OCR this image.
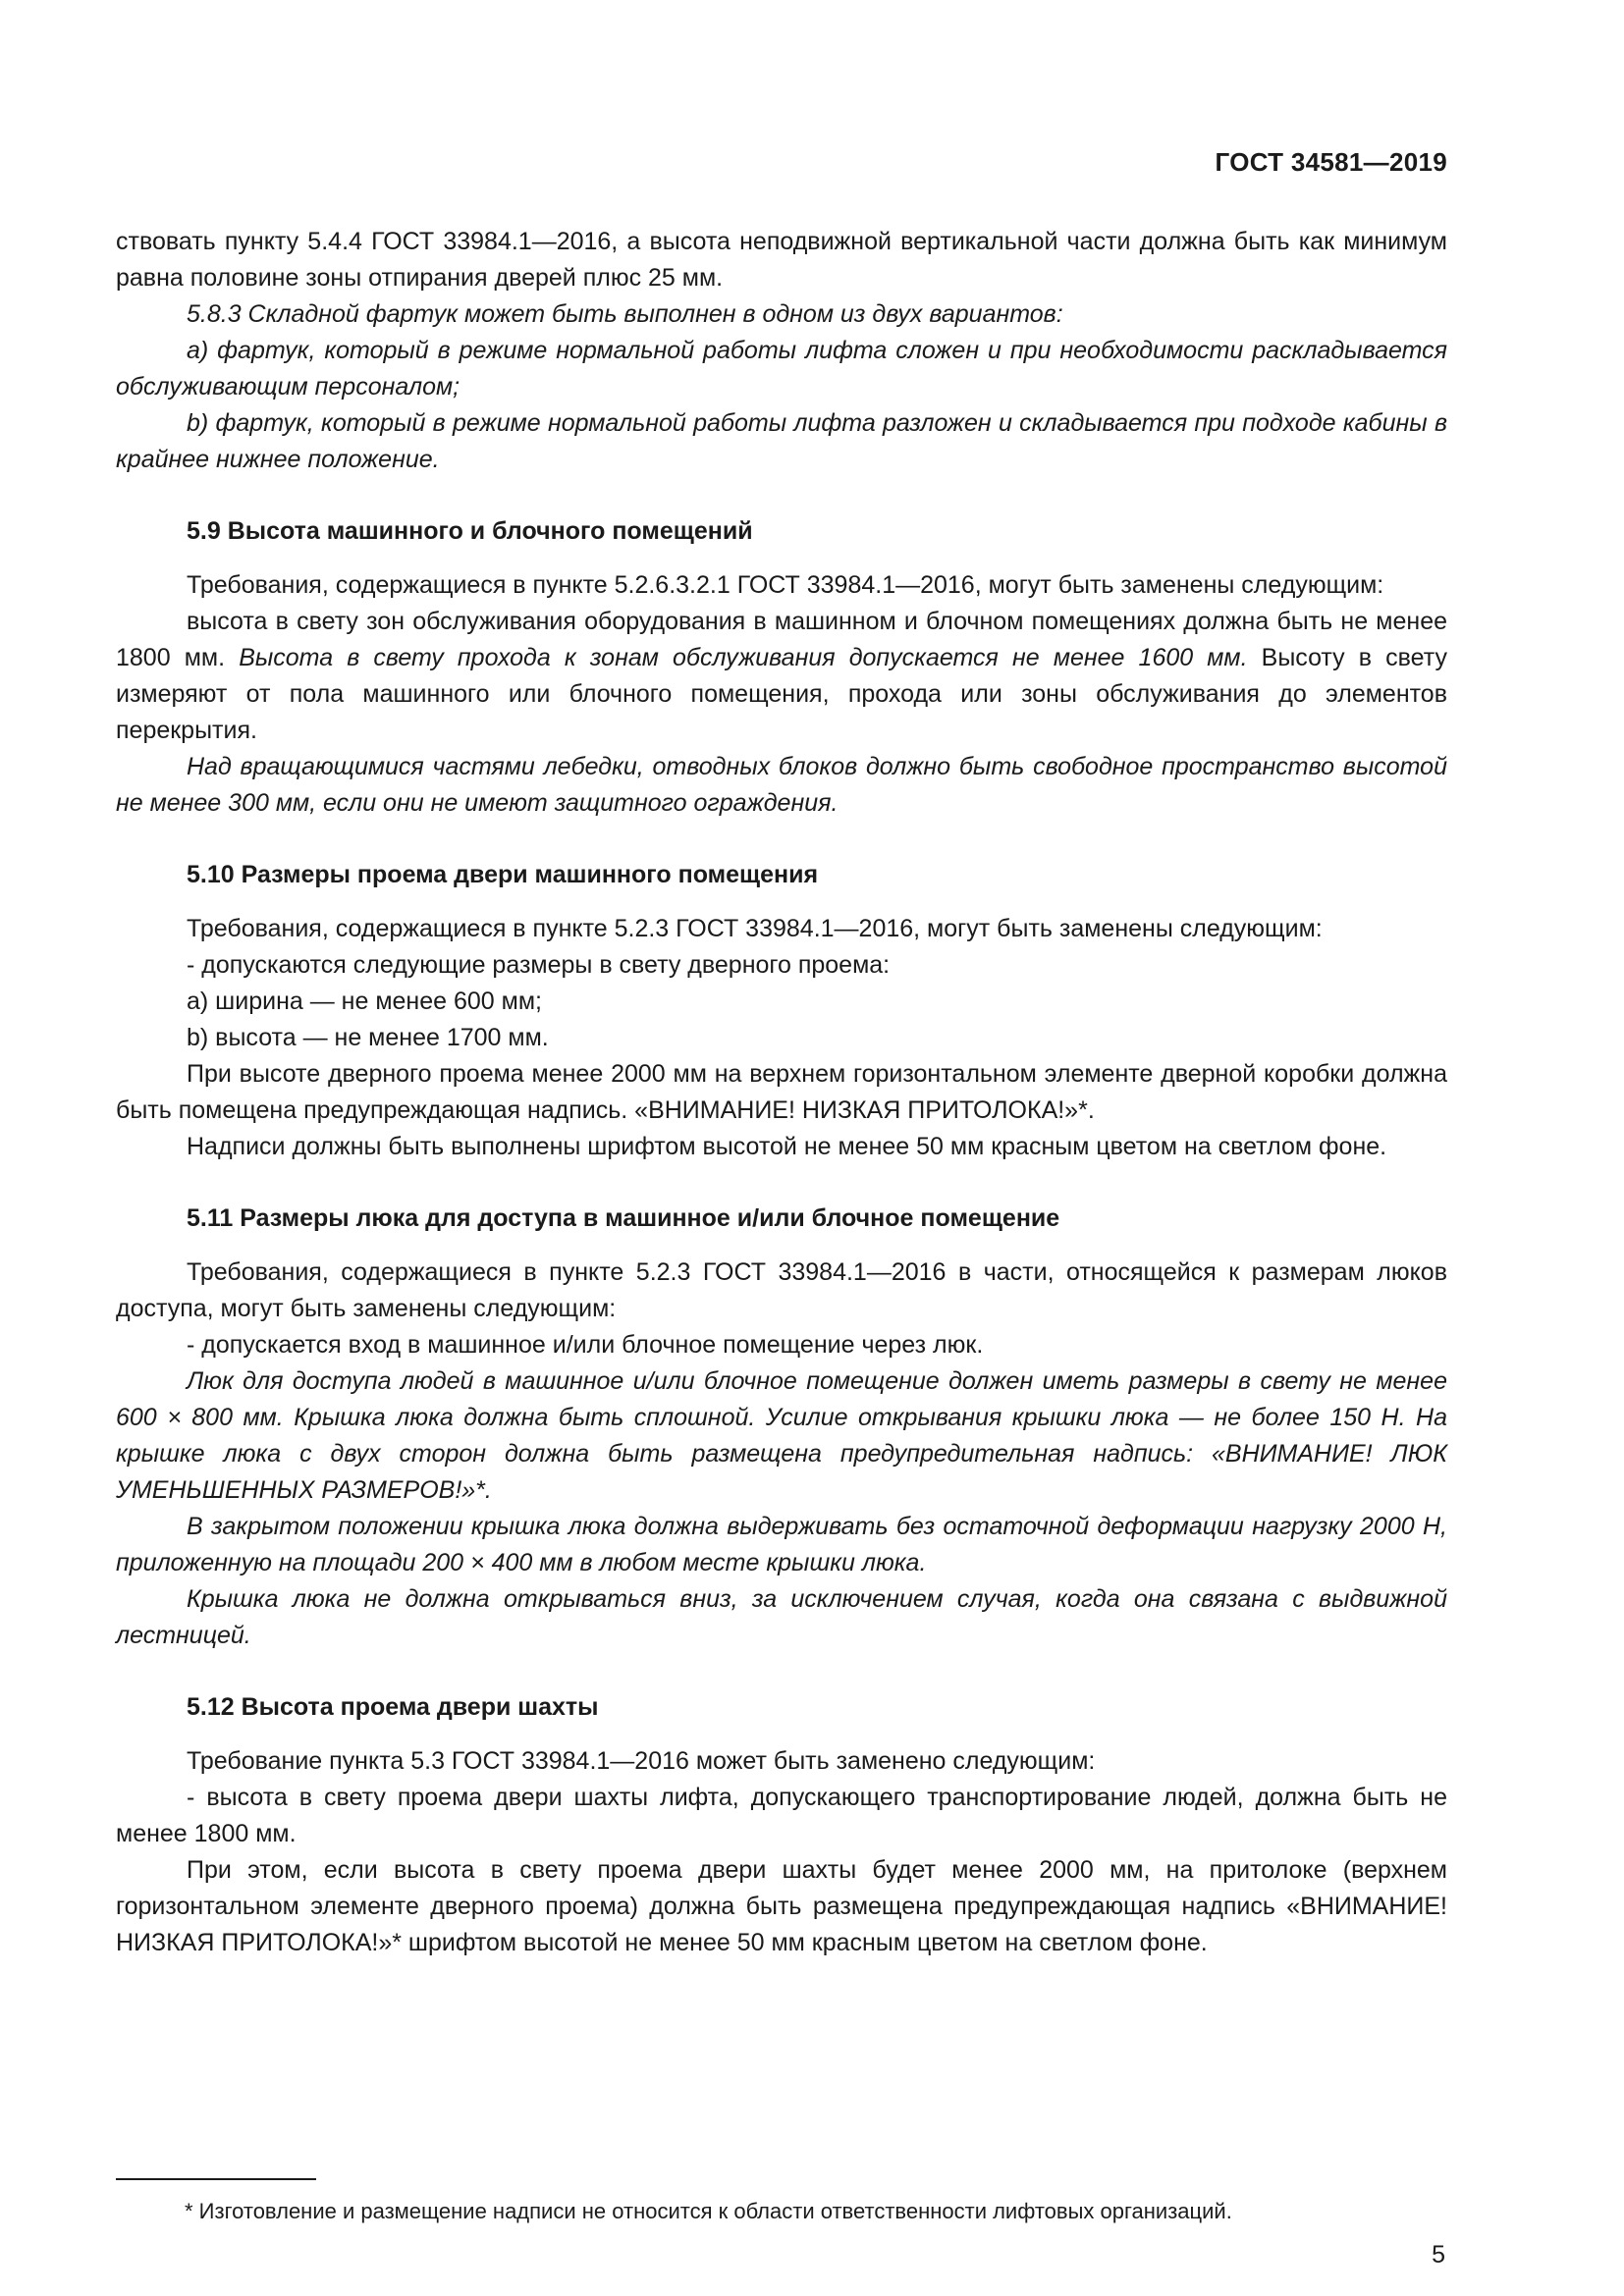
ГОСТ 34581—2019

ствовать пункту 5.4.4 ГОСТ 33984.1—2016, а высота неподвижной вертикальной части должна быть как минимум равна половине зоны отпирания дверей плюс 25 мм.

5.8.3 Складной фартук может быть выполнен в одном из двух вариантов:

а) фартук, который в режиме нормальной работы лифта сложен и при необходимости раскладывается обслуживающим персоналом;

b) фартук, который в режиме нормальной работы лифта разложен и складывается при подходе кабины в крайнее нижнее положение.

5.9 Высота машинного и блочного помещений

Требования, содержащиеся в пункте 5.2.6.3.2.1 ГОСТ 33984.1—2016, могут быть заменены следующим:

высота в свету зон обслуживания оборудования в машинном и блочном помещениях должна быть не менее 1800 мм. Высота в свету прохода к зонам обслуживания допускается не менее 1600 мм. Высоту в свету измеряют от пола машинного или блочного помещения, прохода или зоны обслуживания до элементов перекрытия.

Над вращающимися частями лебедки, отводных блоков должно быть свободное пространство высотой не менее 300 мм, если они не имеют защитного ограждения.

5.10 Размеры проема двери машинного помещения

Требования, содержащиеся в пункте 5.2.3 ГОСТ 33984.1—2016, могут быть заменены следующим:

- допускаются следующие размеры в свету дверного проема:

а) ширина — не менее 600 мм;

b) высота — не менее 1700 мм.

При высоте дверного проема менее 2000 мм на верхнем горизонтальном элементе дверной коробки должна быть помещена предупреждающая надпись. «ВНИМАНИЕ! НИЗКАЯ ПРИТОЛОКА!»*.

Надписи должны быть выполнены шрифтом высотой не менее 50 мм красным цветом на светлом фоне.

5.11 Размеры люка для доступа в машинное и/или блочное помещение

Требования, содержащиеся в пункте 5.2.3 ГОСТ 33984.1—2016 в части, относящейся к размерам люков доступа, могут быть заменены следующим:

- допускается вход в машинное и/или блочное помещение через люк.

Люк для доступа людей в машинное и/или блочное помещение должен иметь размеры в свету не менее 600 × 800 мм. Крышка люка должна быть сплошной. Усилие открывания крышки люка — не более 150 Н. На крышке люка с двух сторон должна быть размещена предупредительная надпись: «ВНИМАНИЕ! ЛЮК УМЕНЬШЕННЫХ РАЗМЕРОВ!»*.

В закрытом положении крышка люка должна выдерживать без остаточной деформации нагрузку 2000 Н, приложенную на площади 200 × 400 мм в любом месте крышки люка.

Крышка люка не должна открываться вниз, за исключением случая, когда она связана с выдвижной лестницей.

5.12 Высота проема двери шахты

Требование пункта 5.3 ГОСТ 33984.1—2016 может быть заменено следующим:

- высота в свету проема двери шахты лифта, допускающего транспортирование людей, должна быть не менее 1800 мм.

При этом, если высота в свету проема двери шахты будет менее 2000 мм, на притолоке (верхнем горизонтальном элементе дверного проема) должна быть размещена предупреждающая надпись «ВНИМАНИЕ! НИЗКАЯ ПРИТОЛОКА!»* шрифтом высотой не менее 50 мм красным цветом на светлом фоне.

* Изготовление и размещение надписи не относится к области ответственности лифтовых организаций.
5
